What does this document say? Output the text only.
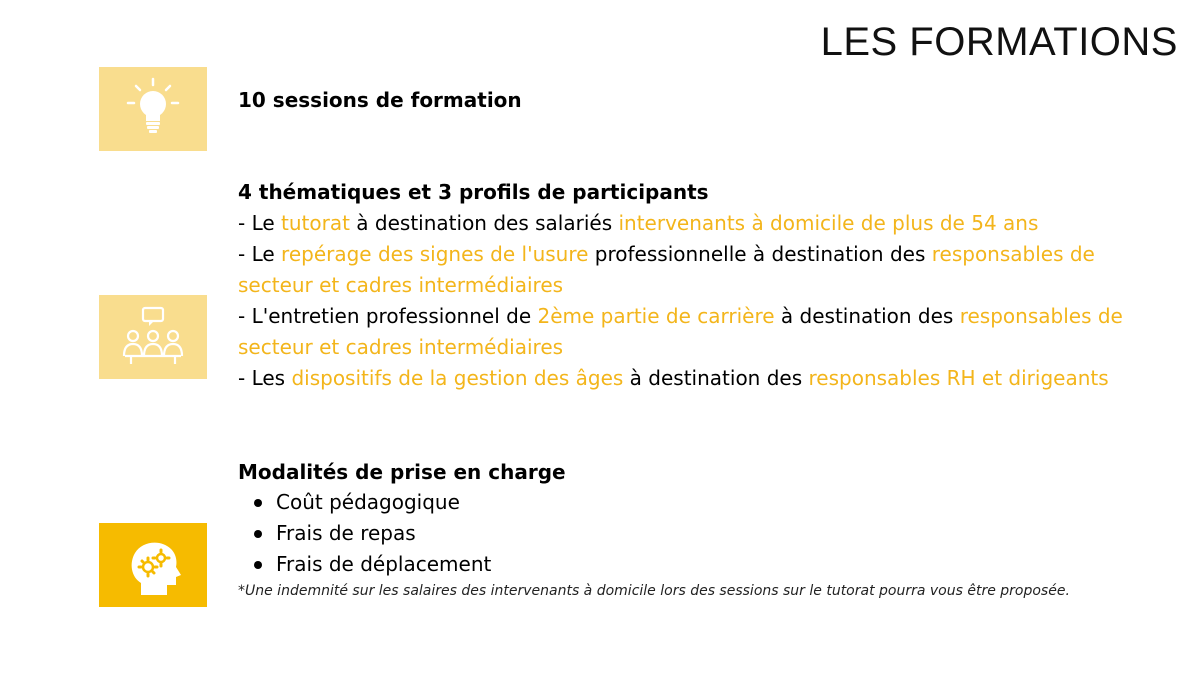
LES FORMATIONS
10 sessions de formation
4 thématiques et 3 profils de participants

- Le tutorat à destination des salariés intervenants à domicile de plus de 54 ans

- Le repérage des signes de l'usure professionnelle à destination des responsables de secteur et cadres intermédiaires

- L'entretien professionnel de 2ème partie de carrière à destination des responsables de secteur et cadres intermédiaires

- Les dispositifs de la gestion des âges à destination des responsables RH et dirigeants

Modalités de prise en charge
Coût pédagogique
Frais de repas
Frais de déplacement

*Une indemnité sur les salaires des intervenants à domicile lors des sessions sur le tutorat pourra vous être proposée.
